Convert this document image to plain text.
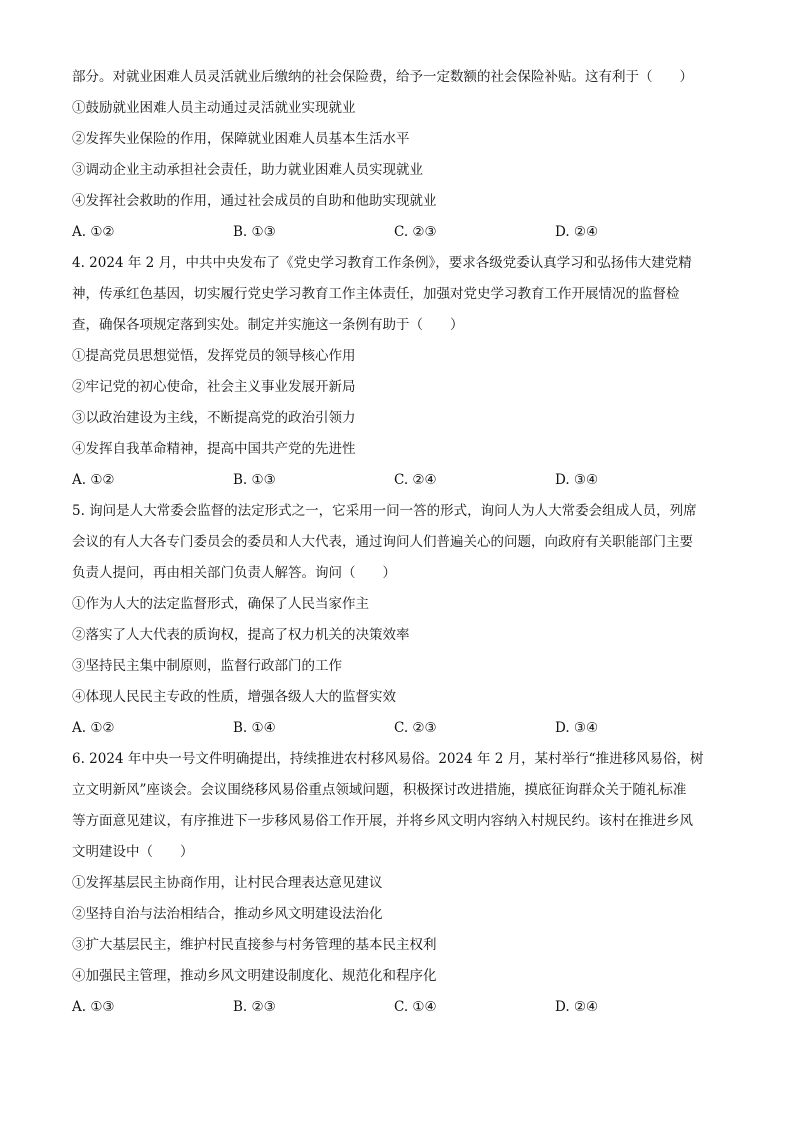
部分。对就业困难人员灵活就业后缴纳的社会保险费，给予一定数额的社会保险补贴。这有利于（　　）
①鼓励就业困难人员主动通过灵活就业实现就业
②发挥失业保险的作用，保障就业困难人员基本生活水平
③调动企业主动承担社会责任，助力就业困难人员实现就业
④发挥社会救助的作用，通过社会成员的自助和他助实现就业
A. ①②	B. ①③	C. ②③	D. ②④
4. 2024 年 2 月，中共中央发布了《党史学习教育工作条例》，要求各级党委认真学习和弘扬伟大建党精
神，传承红色基因，切实履行党史学习教育工作主体责任，加强对党史学习教育工作开展情况的监督检
查，确保各项规定落到实处。制定并实施这一条例有助于（　　）
①提高党员思想觉悟，发挥党员的领导核心作用
②牢记党的初心使命，社会主义事业发展开新局
③以政治建设为主线，不断提高党的政治引领力
④发挥自我革命精神，提高中国共产党的先进性
A. ①②	B. ①③	C. ②④	D. ③④
5. 询问是人大常委会监督的法定形式之一，它采用一问一答的形式，询问人为人大常委会组成人员，列席
会议的有人大各专门委员会的委员和人大代表，通过询问人们普遍关心的问题，向政府有关职能部门主要
负责人提问，再由相关部门负责人解答。询问（　　）
①作为人大的法定监督形式，确保了人民当家作主
②落实了人大代表的质询权，提高了权力机关的决策效率
③坚持民主集中制原则，监督行政部门的工作
④体现人民民主专政的性质，增强各级人大的监督实效
A. ①②	B. ①④	C. ②③	D. ③④
6. 2024 年中央一号文件明确提出，持续推进农村移风易俗。2024 年 2 月，某村举行“推进移风易俗，树
立文明新风”座谈会。会议围绕移风易俗重点领域问题，积极探讨改进措施，摸底征询群众关于随礼标准
等方面意见建议，有序推进下一步移风易俗工作开展，并将乡风文明内容纳入村规民约。该村在推进乡风
文明建设中（　　）
①发挥基层民主协商作用，让村民合理表达意见建议
②坚持自治与法治相结合，推动乡风文明建设法治化
③扩大基层民主，维护村民直接参与村务管理的基本民主权利
④加强民主管理，推动乡风文明建设制度化、规范化和程序化
A. ①③	B. ②③	C. ①④	D. ②④
